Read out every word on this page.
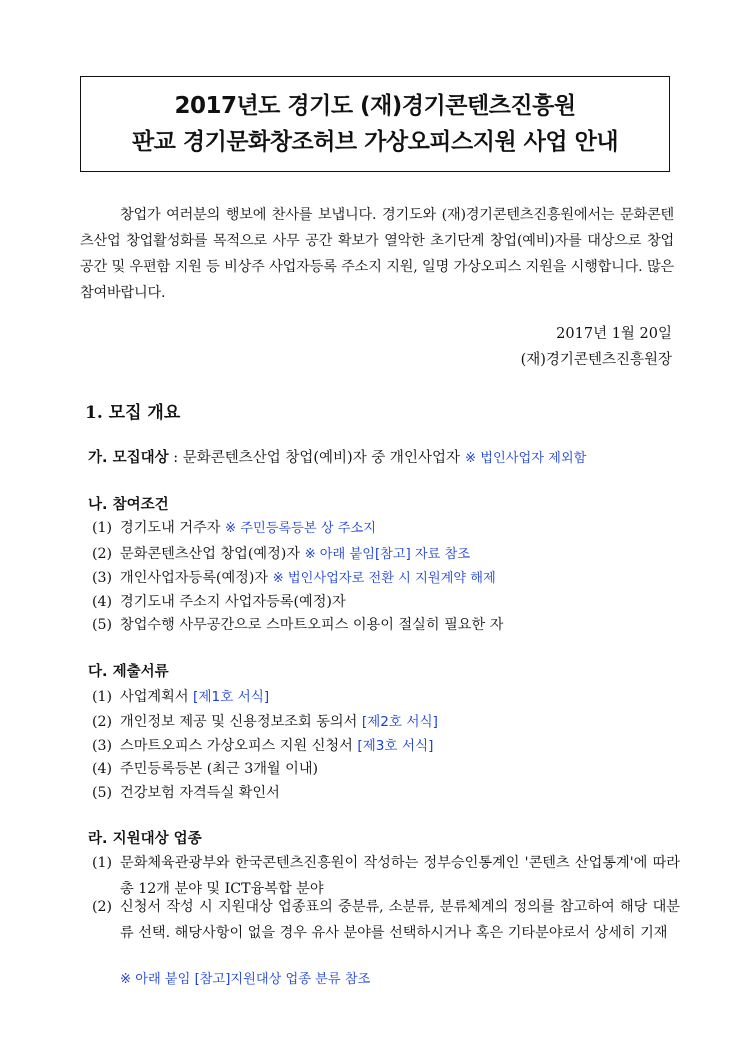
2017년도 경기도 (재)경기콘텐츠진흥원
판교 경기문화창조허브 가상오피스지원 사업 안내
창업가 여러분의 행보에 찬사를 보냅니다. 경기도와 (재)경기콘텐츠진흥원에서는 문화콘텐츠산업 창업활성화를 목적으로 사무 공간 확보가 열악한 초기단계 창업(예비)자를 대상으로 창업 공간 및 우편함 지원 등 비상주 사업자등록 주소지 지원, 일명 가상오피스 지원을 시행합니다. 많은 참여바랍니다.
2017년 1월 20일
(재)경기콘텐츠진흥원장
1. 모집 개요
가. 모집대상 : 문화콘텐츠산업 창업(예비)자 중 개인사업자 ※ 법인사업자 제외함
나. 참여조건
(1) 경기도내 거주자 ※ 주민등록등본 상 주소지
(2) 문화콘텐츠산업 창업(예정)자 ※ 아래 붙임[참고] 자료 참조
(3) 개인사업자등록(예정)자 ※ 법인사업자로 전환 시 지원계약 해제
(4) 경기도내 주소지 사업자등록(예정)자
(5) 창업수행 사무공간으로 스마트오피스 이용이 절실히 필요한 자
다. 제출서류
(1) 사업계획서 [제1호 서식]
(2) 개인정보 제공 및 신용정보조회 동의서 [제2호 서식]
(3) 스마트오피스 가상오피스 지원 신청서 [제3호 서식]
(4) 주민등록등본 (최근 3개월 이내)
(5) 건강보험 자격득실 확인서
라. 지원대상 업종
(1) 문화체육관광부와 한국콘텐츠진흥원이 작성하는 정부승인통계인 '콘텐츠 산업통계'에 따라 총 12개 분야 및 ICT융복합 분야
(2) 신청서 작성 시 지원대상 업종표의 중분류, 소분류, 분류체계의 정의를 참고하여 해당 대분류 선택. 해당사항이 없을 경우 유사 분야를 선택하시거나 혹은 기타분야로서 상세히 기재
※ 아래 붙임 [참고]지원대상 업종 분류 참조
